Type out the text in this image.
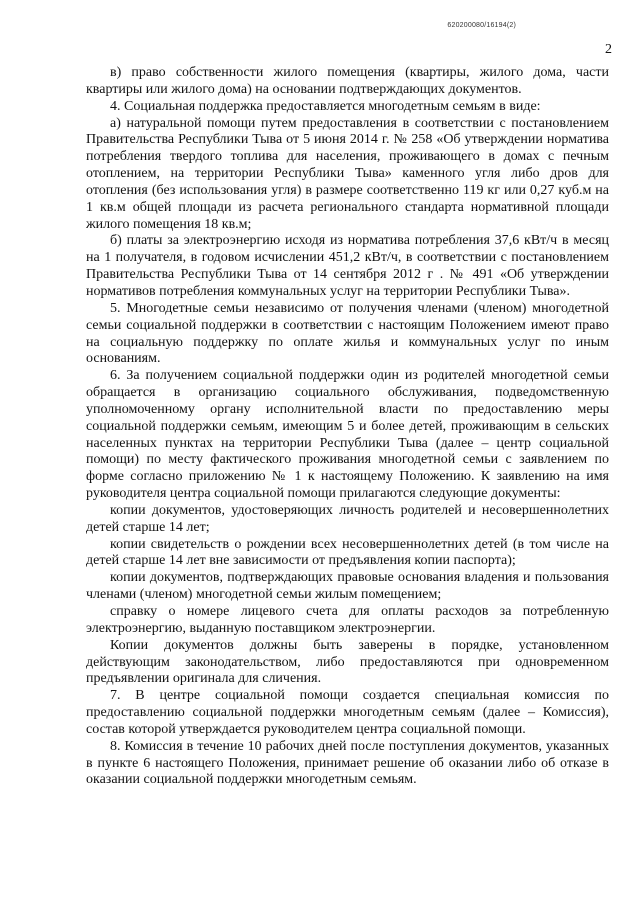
620200080/16194(2)
2

в) право собственности жилого помещения (квартиры, жилого дома, части квартиры или жилого дома) на основании подтверждающих документов.

4. Социальная поддержка предоставляется многодетным семьям в виде:

а) натуральной помощи путем предоставления в соответствии с постановлением Правительства Республики Тыва от 5 июня 2014 г. № 258 «Об утверждении норматива потребления твердого топлива для населения, проживающего в домах с печным отоплением, на территории Республики Тыва» каменного угля либо дров для отопления (без использования угля) в размере соответственно 119 кг или 0,27 куб.м на 1 кв.м общей площади из расчета регионального стандарта нормативной площади жилого помещения 18 кв.м;

б) платы за электроэнергию исходя из норматива потребления 37,6 кВт/ч в месяц на 1 получателя, в годовом исчислении 451,2 кВт/ч, в соответствии с постановлением Правительства Республики Тыва от 14 сентября 2012 г . № 491 «Об утверждении нормативов потребления коммунальных услуг на территории Республики Тыва».

5. Многодетные семьи независимо от получения членами (членом) многодетной семьи социальной поддержки в соответствии с настоящим Положением имеют право на социальную поддержку по оплате жилья и коммунальных услуг по иным основаниям.

6. За получением социальной поддержки один из родителей многодетной семьи обращается в организацию социального обслуживания, подведомственную уполномоченному органу исполнительной власти по предоставлению меры социальной поддержки семьям, имеющим 5 и более детей, проживающим в сельских населенных пунктах на территории Республики Тыва (далее – центр социальной помощи) по месту фактического проживания многодетной семьи с заявлением по форме согласно приложению № 1 к настоящему Положению. К заявлению на имя руководителя центра социальной помощи прилагаются следующие документы:

копии документов, удостоверяющих личность родителей и несовершеннолетних детей старше 14 лет;

копии свидетельств о рождении всех несовершеннолетних детей (в том числе на детей старше 14 лет вне зависимости от предъявления копии паспорта);

копии документов, подтверждающих правовые основания владения и пользования членами (членом) многодетной семьи жилым помещением;

справку о номере лицевого счета для оплаты расходов за потребленную электроэнергию, выданную поставщиком электроэнергии.

Копии документов должны быть заверены в порядке, установленном действующим законодательством, либо предоставляются при одновременном предъявлении оригинала для сличения.

7. В центре социальной помощи создается специальная комиссия по предоставлению социальной поддержки многодетным семьям (далее – Комиссия), состав которой утверждается руководителем центра социальной помощи.

8. Комиссия в течение 10 рабочих дней после поступления документов, указанных в пункте 6 настоящего Положения, принимает решение об оказании либо об отказе в оказании социальной поддержки многодетным семьям.
